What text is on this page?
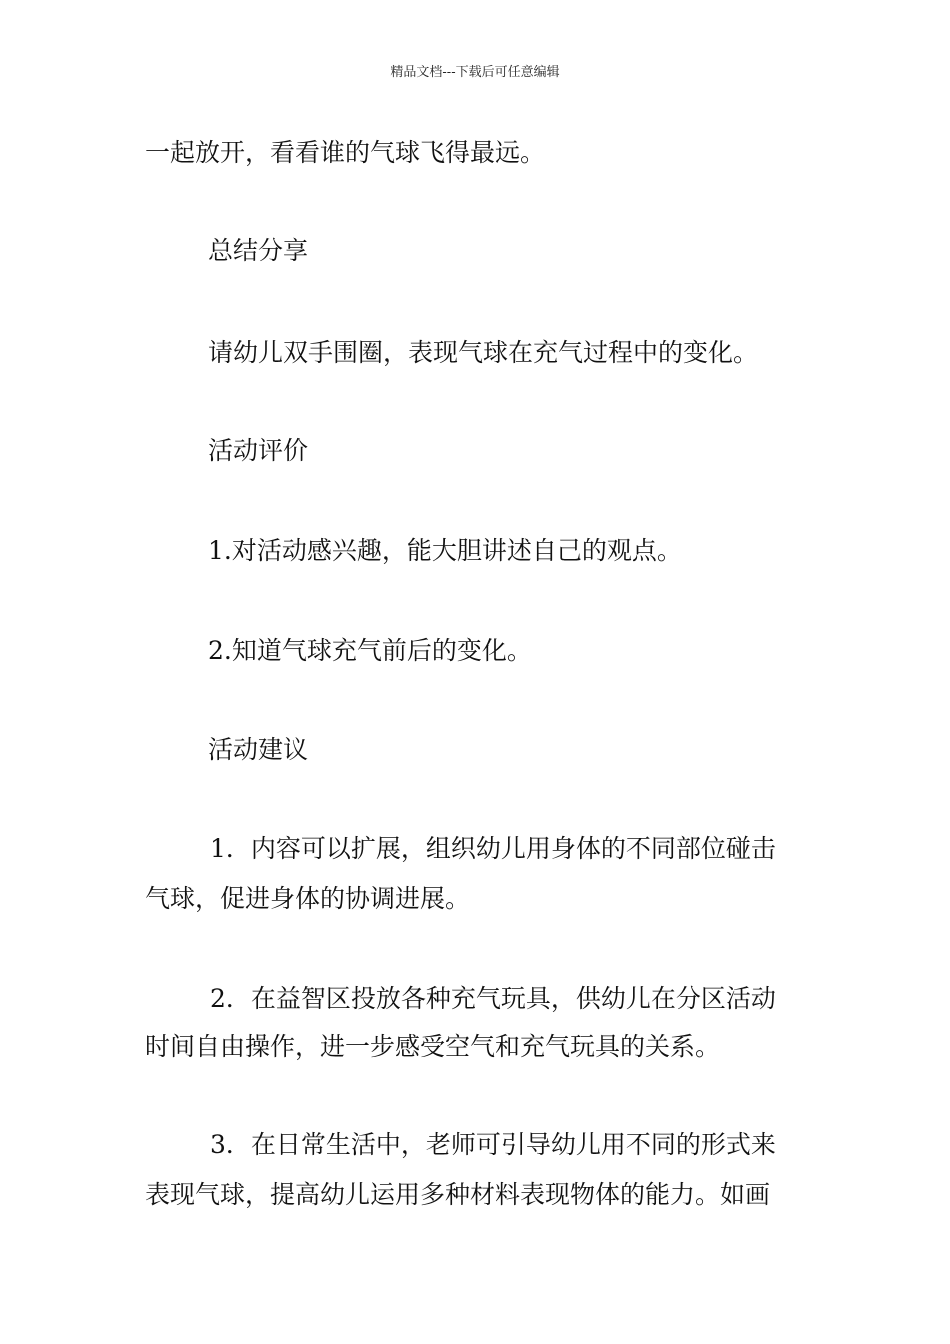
精品文档---下载后可任意编辑

一起放开，看看谁的气球飞得最远。

总结分享

请幼儿双手围圈，表现气球在充气过程中的变化。

活动评价

1.对活动感兴趣，能大胆讲述自己的观点。

2.知道气球充气前后的变化。

活动建议

1．内容可以扩展，组织幼儿用身体的不同部位碰击

气球，促进身体的协调进展。

2．在益智区投放各种充气玩具，供幼儿在分区活动

时间自由操作，进一步感受空气和充气玩具的关系。

3．在日常生活中，老师可引导幼儿用不同的形式来

表现气球，提高幼儿运用多种材料表现物体的能力。如画
